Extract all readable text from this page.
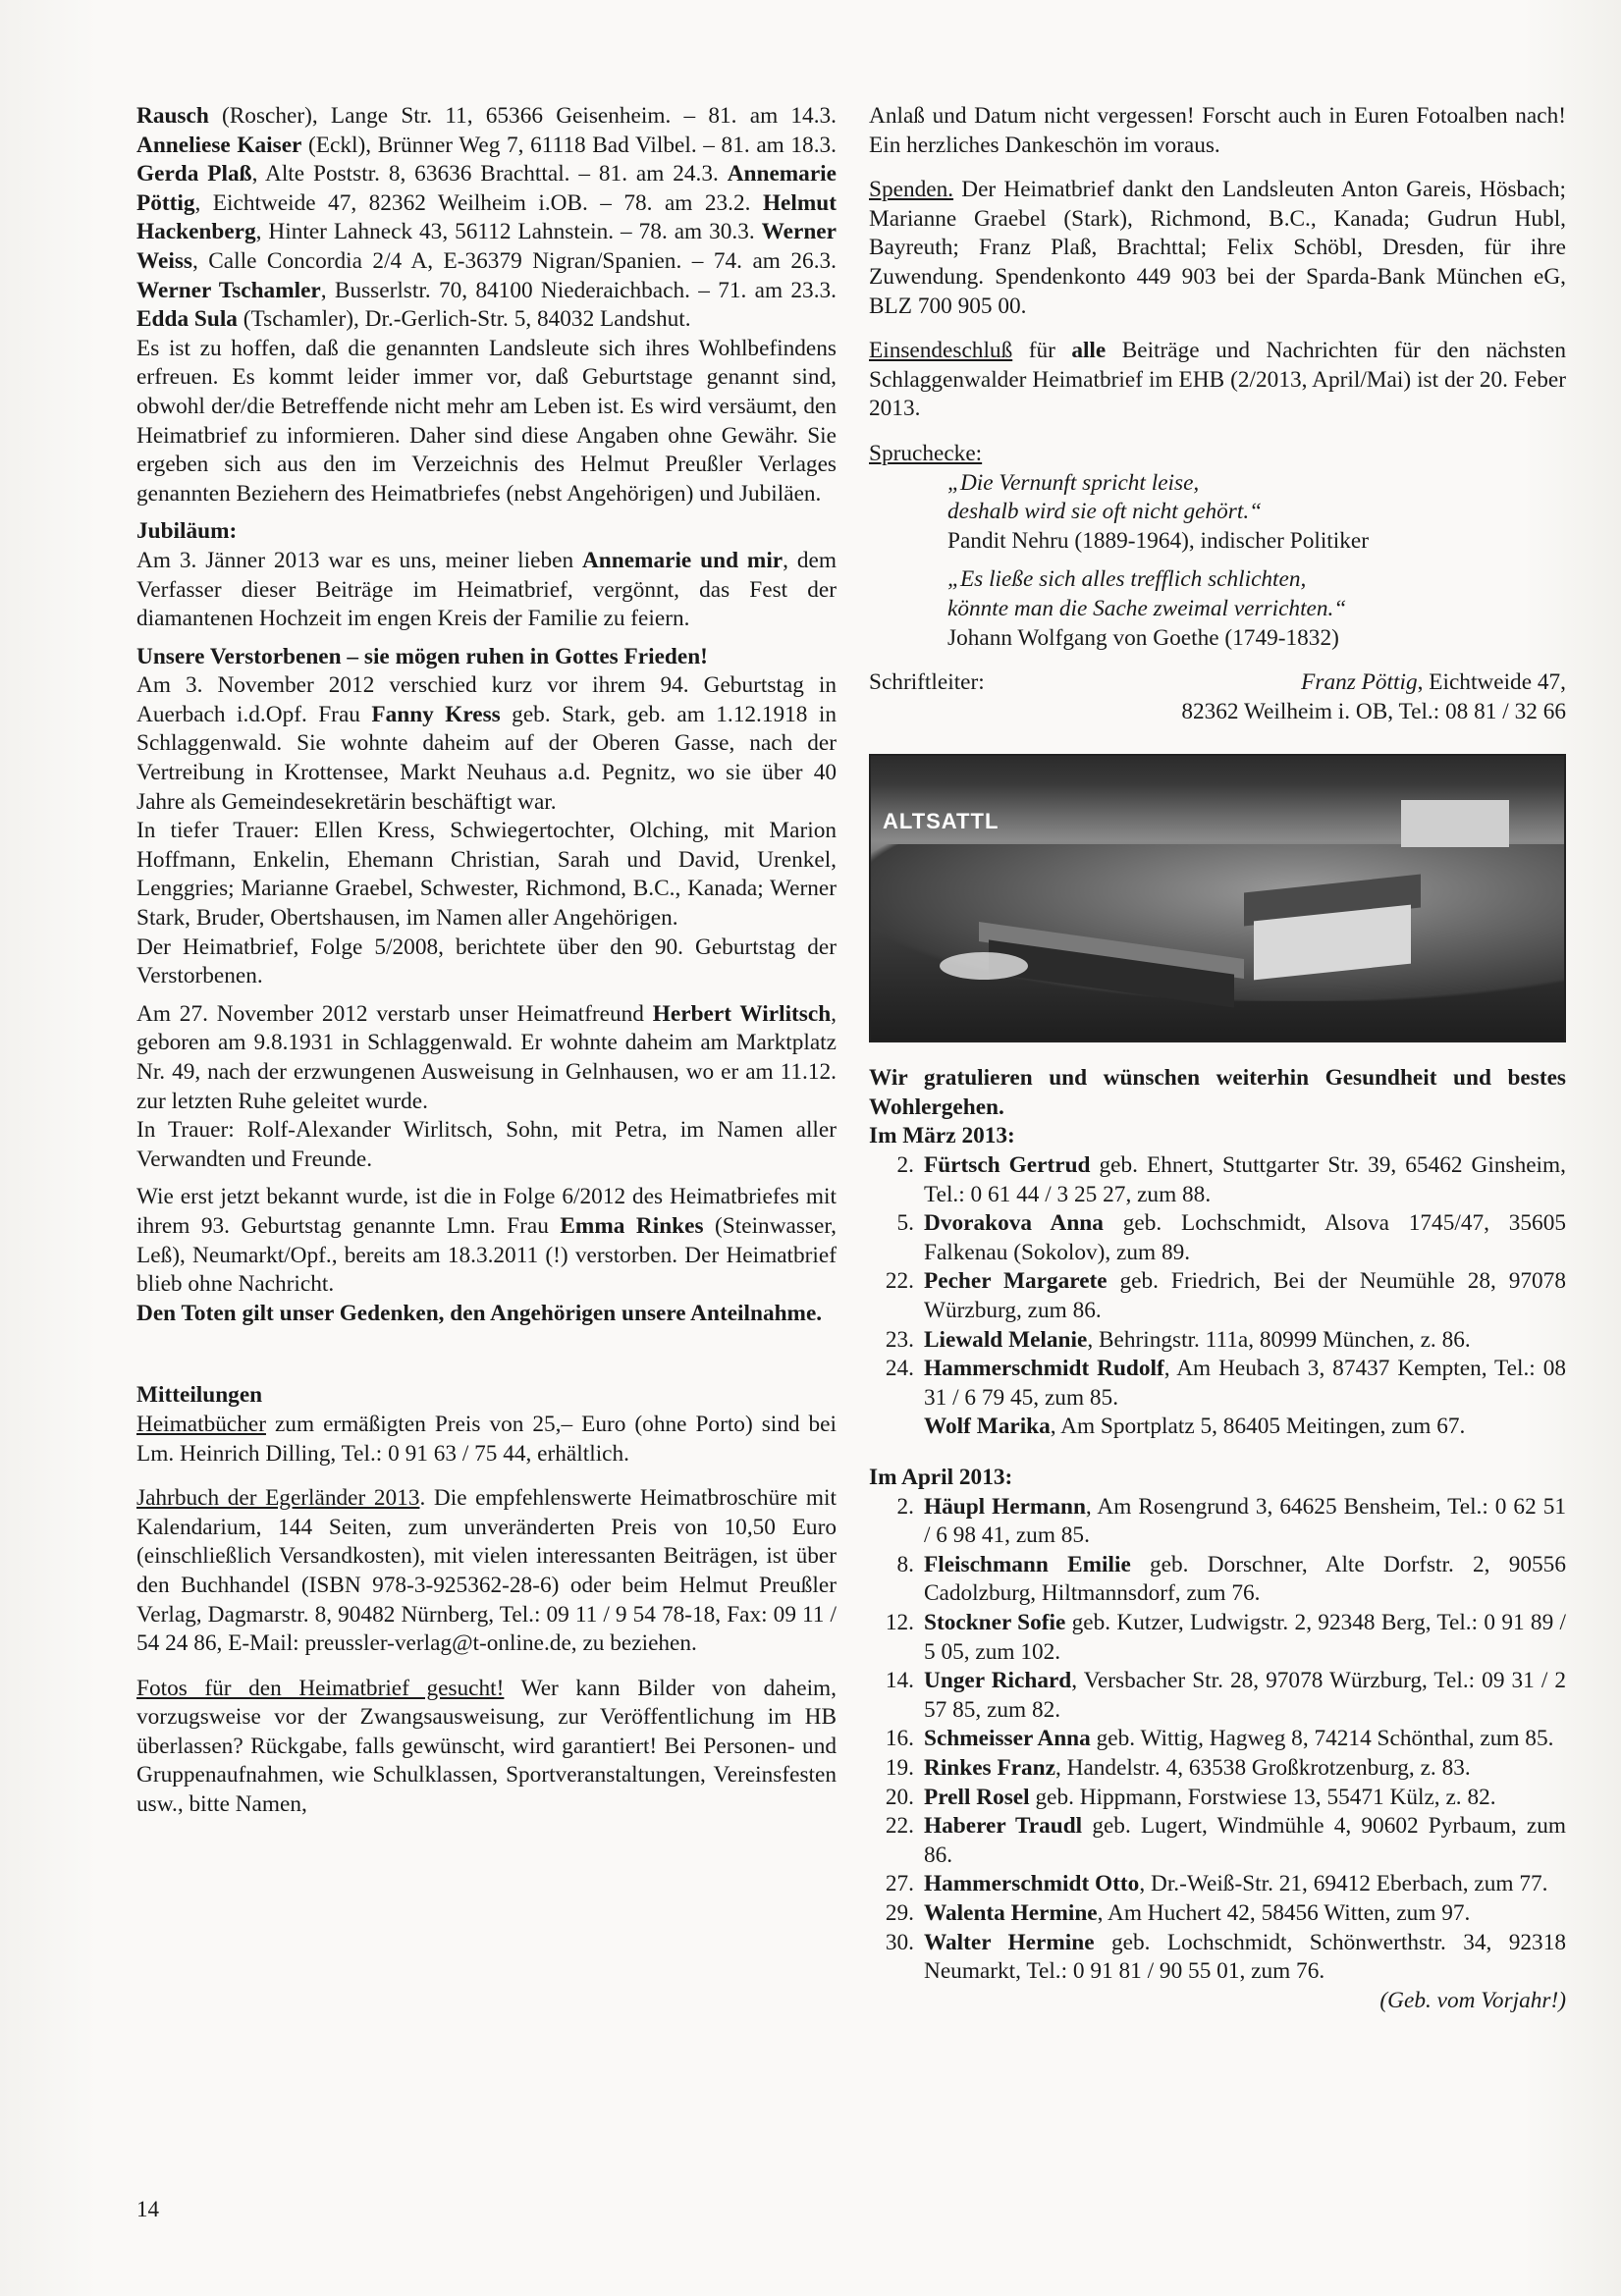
Rausch (Roscher), Lange Str. 11, 65366 Geisenheim. – 81. am 14.3. Anneliese Kaiser (Eckl), Brünner Weg 7, 61118 Bad Vilbel. – 81. am 18.3. Gerda Plaß, Alte Poststr. 8, 63636 Brachttal. – 81. am 24.3. Annemarie Pöttig, Eichtweide 47, 82362 Weilheim i.OB. – 78. am 23.2. Helmut Hackenberg, Hinter Lahneck 43, 56112 Lahnstein. – 78. am 30.3. Werner Weiss, Calle Concordia 2/4 A, E-36379 Nigran/Spanien. – 74. am 26.3. Werner Tschamler, Busserlstr. 70, 84100 Niederaichbach. – 71. am 23.3. Edda Sula (Tschamler), Dr.-Gerlich-Str. 5, 84032 Landshut.

Es ist zu hoffen, daß die genannten Landsleute sich ihres Wohlbefindens erfreuen. Es kommt leider immer vor, daß Geburtstage genannt sind, obwohl der/die Betreffende nicht mehr am Leben ist. Es wird versäumt, den Heimatbrief zu informieren. Daher sind diese Angaben ohne Gewähr. Sie ergeben sich aus den im Verzeichnis des Helmut Preußler Verlages genannten Beziehern des Heimatbriefes (nebst Angehörigen) und Jubiläen.

Jubiläum:

Am 3. Jänner 2013 war es uns, meiner lieben Annemarie und mir, dem Verfasser dieser Beiträge im Heimatbrief, vergönnt, das Fest der diamantenen Hochzeit im engen Kreis der Familie zu feiern.

Unsere Verstorbenen – sie mögen ruhen in Gottes Frieden!

Am 3. November 2012 verschied kurz vor ihrem 94. Geburtstag in Auerbach i.d.Opf. Frau Fanny Kress geb. Stark, geb. am 1.12.1918 in Schlaggenwald. Sie wohnte daheim auf der Oberen Gasse, nach der Vertreibung in Krottensee, Markt Neuhaus a.d. Pegnitz, wo sie über 40 Jahre als Gemeindesekretärin beschäftigt war.

In tiefer Trauer: Ellen Kress, Schwiegertochter, Olching, mit Marion Hoffmann, Enkelin, Ehemann Christian, Sarah und David, Urenkel, Lenggries; Marianne Graebel, Schwester, Richmond, B.C., Kanada; Werner Stark, Bruder, Obertshausen, im Namen aller Angehörigen.

Der Heimatbrief, Folge 5/2008, berichtete über den 90. Geburtstag der Verstorbenen.

Am 27. November 2012 verstarb unser Heimatfreund Herbert Wirlitsch, geboren am 9.8.1931 in Schlaggenwald. Er wohnte daheim am Marktplatz Nr. 49, nach der erzwungenen Ausweisung in Gelnhausen, wo er am 11.12. zur letzten Ruhe geleitet wurde.

In Trauer: Rolf-Alexander Wirlitsch, Sohn, mit Petra, im Namen aller Verwandten und Freunde.

Wie erst jetzt bekannt wurde, ist die in Folge 6/2012 des Heimatbriefes mit ihrem 93. Geburtstag genannte Lmn. Frau Emma Rinkes (Steinwasser, Leß), Neumarkt/Opf., bereits am 18.3.2011 (!) verstorben. Der Heimatbrief blieb ohne Nachricht.

Den Toten gilt unser Gedenken, den Angehörigen unsere Anteilnahme.

Mitteilungen

Heimatbücher zum ermäßigten Preis von 25,– Euro (ohne Porto) sind bei Lm. Heinrich Dilling, Tel.: 0 91 63 / 75 44, erhältlich.

Jahrbuch der Egerländer 2013. Die empfehlenswerte Heimatbroschüre mit Kalendarium, 144 Seiten, zum unveränderten Preis von 10,50 Euro (einschließlich Versandkosten), mit vielen interessanten Beiträgen, ist über den Buchhandel (ISBN 978-3-925362-28-6) oder beim Helmut Preußler Verlag, Dagmarstr. 8, 90482 Nürnberg, Tel.: 09 11 / 9 54 78-18, Fax: 09 11 / 54 24 86, E-Mail: preussler-verlag@t-online.de, zu beziehen.

Fotos für den Heimatbrief gesucht! Wer kann Bilder von daheim, vorzugsweise vor der Zwangsausweisung, zur Veröffentlichung im HB überlassen? Rückgabe, falls gewünscht, wird garantiert! Bei Personen- und Gruppenaufnahmen, wie Schulklassen, Sportveranstaltungen, Vereinsfesten usw., bitte Namen,

Anlaß und Datum nicht vergessen! Forscht auch in Euren Fotoalben nach! Ein herzliches Dankeschön im voraus.

Spenden. Der Heimatbrief dankt den Landsleuten Anton Gareis, Hösbach; Marianne Graebel (Stark), Richmond, B.C., Kanada; Gudrun Hubl, Bayreuth; Franz Plaß, Brachttal; Felix Schöbl, Dresden, für ihre Zuwendung. Spendenkonto 449 903 bei der Sparda-Bank München eG, BLZ 700 905 00.

Einsendeschluß für alle Beiträge und Nachrichten für den nächsten Schlaggenwalder Heimatbrief im EHB (2/2013, April/Mai) ist der 20. Feber 2013.

Spruchecke:

„Die Vernunft spricht leise,

deshalb wird sie oft nicht gehört.“

Pandit Nehru (1889-1964), indischer Politiker

„Es ließe sich alles trefflich schlichten,

könnte man die Sache zweimal verrichten.“

Johann Wolfgang von Goethe (1749-1832)

Schriftleiter:	Franz Pöttig, Eichtweide 47,

82362 Weilheim i. OB, Tel.: 08 81 / 32 66

ALTSATTL

Wir gratulieren und wünschen weiterhin Gesundheit und bestes Wohlergehen.

Im März 2013:

2. Fürtsch Gertrud geb. Ehnert, Stuttgarter Str. 39, 65462 Ginsheim, Tel.: 0 61 44 / 3 25 27, zum 88.
5. Dvorakova Anna geb. Lochschmidt, Alsova 1745/47, 35605 Falkenau (Sokolov), zum 89.
22. Pecher Margarete geb. Friedrich, Bei der Neumühle 28, 97078 Würzburg, zum 86.
23. Liewald Melanie, Behringstr. 111a, 80999 München, z. 86.
24. Hammerschmidt Rudolf, Am Heubach 3, 87437 Kempten, Tel.: 08 31 / 6 79 45, zum 85.
Wolf Marika, Am Sportplatz 5, 86405 Meitingen, zum 67.

Im April 2013:

2. Häupl Hermann, Am Rosengrund 3, 64625 Bensheim, Tel.: 0 62 51 / 6 98 41, zum 85.
8. Fleischmann Emilie geb. Dorschner, Alte Dorfstr. 2, 90556 Cadolzburg, Hiltmannsdorf, zum 76.
12. Stockner Sofie geb. Kutzer, Ludwigstr. 2, 92348 Berg, Tel.: 0 91 89 / 5 05, zum 102.
14. Unger Richard, Versbacher Str. 28, 97078 Würzburg, Tel.: 09 31 / 2 57 85, zum 82.
16. Schmeisser Anna geb. Wittig, Hagweg 8, 74214 Schönthal, zum 85.
19. Rinkes Franz, Handelstr. 4, 63538 Großkrotzenburg, z. 83.
20. Prell Rosel geb. Hippmann, Forstwiese 13, 55471 Külz, z. 82.
22. Haberer Traudl geb. Lugert, Windmühle 4, 90602 Pyrbaum, zum 86.
27. Hammerschmidt Otto, Dr.-Weiß-Str. 21, 69412 Eberbach, zum 77.
29. Walenta Hermine, Am Huchert 42, 58456 Witten, zum 97.
30. Walter Hermine geb. Lochschmidt, Schönwerthstr. 34, 92318 Neumarkt, Tel.: 0 91 81 / 90 55 01, zum 76.

(Geb. vom Vorjahr!)

14
